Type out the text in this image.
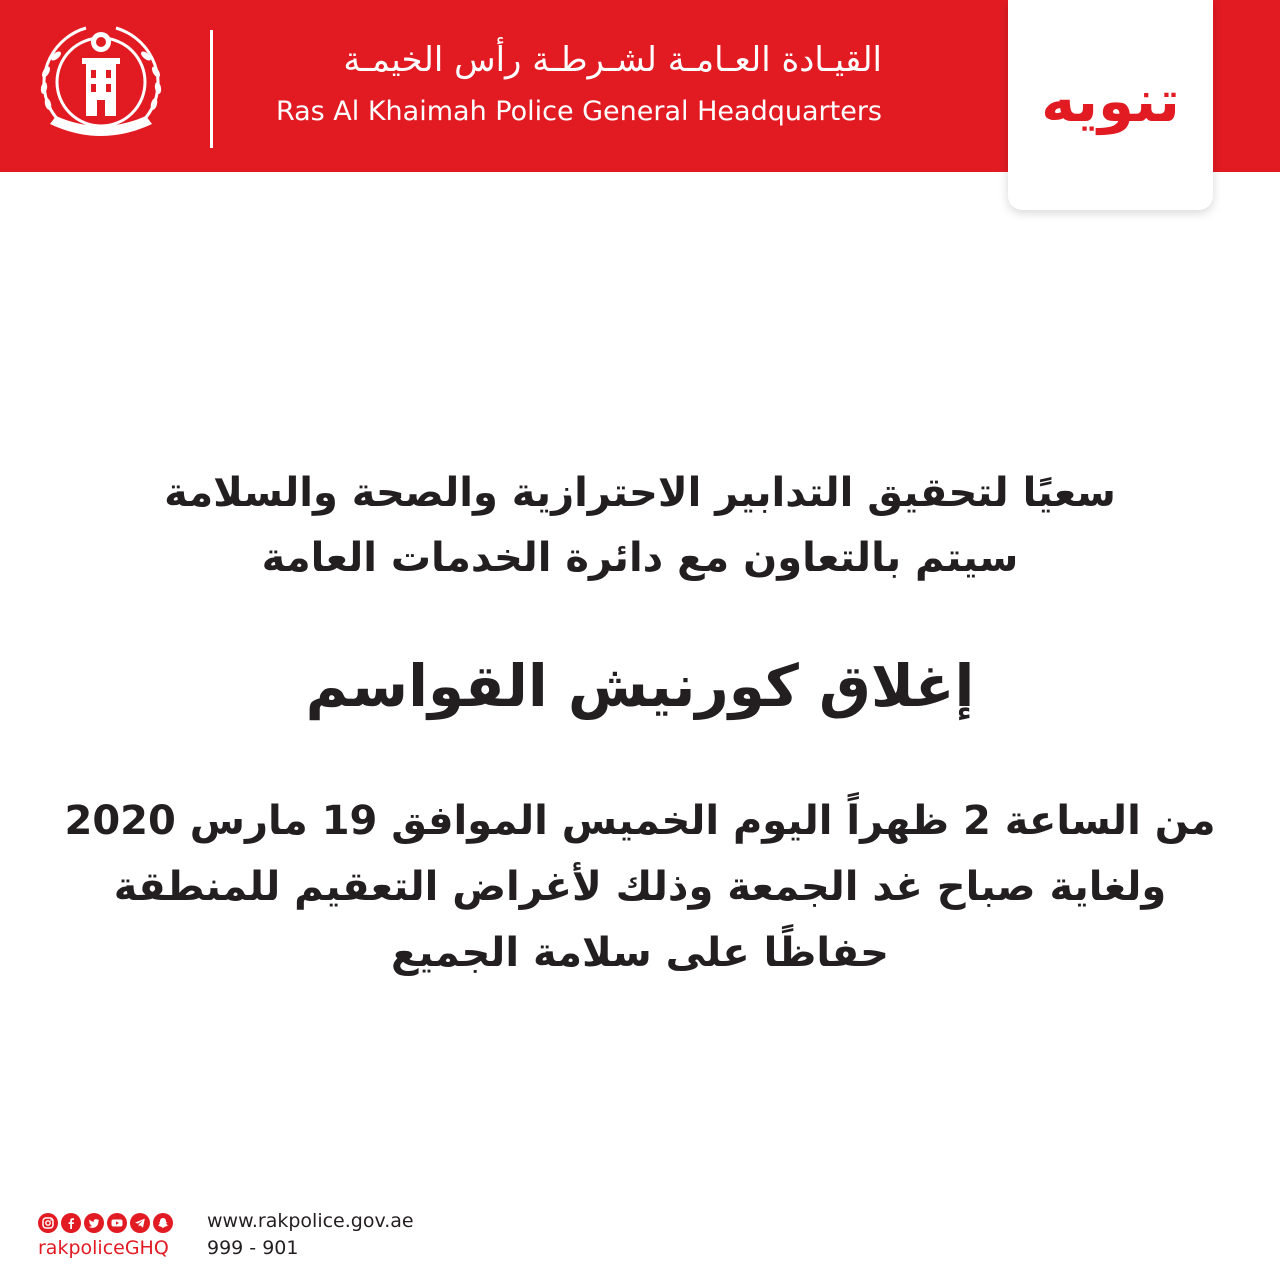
القيـادة العـامـة لشـرطـة رأس الخيمـة
Ras Al Khaimah Police General Headquarters	تنويه
سعيًا لتحقيق التدابير الاحترازية والصحة والسلامة
سيتم بالتعاون مع دائرة الخدمات العامة
إغلاق كورنيش القواسم
من الساعة 2 ظهراً اليوم الخميس الموافق 19 مارس 2020
ولغاية صباح غد الجمعة وذلك لأغراض التعقيم للمنطقة
حفاظًا على سلامة الجميع
rakpoliceGHQ
www.rakpolice.gov.ae
999 - 901
